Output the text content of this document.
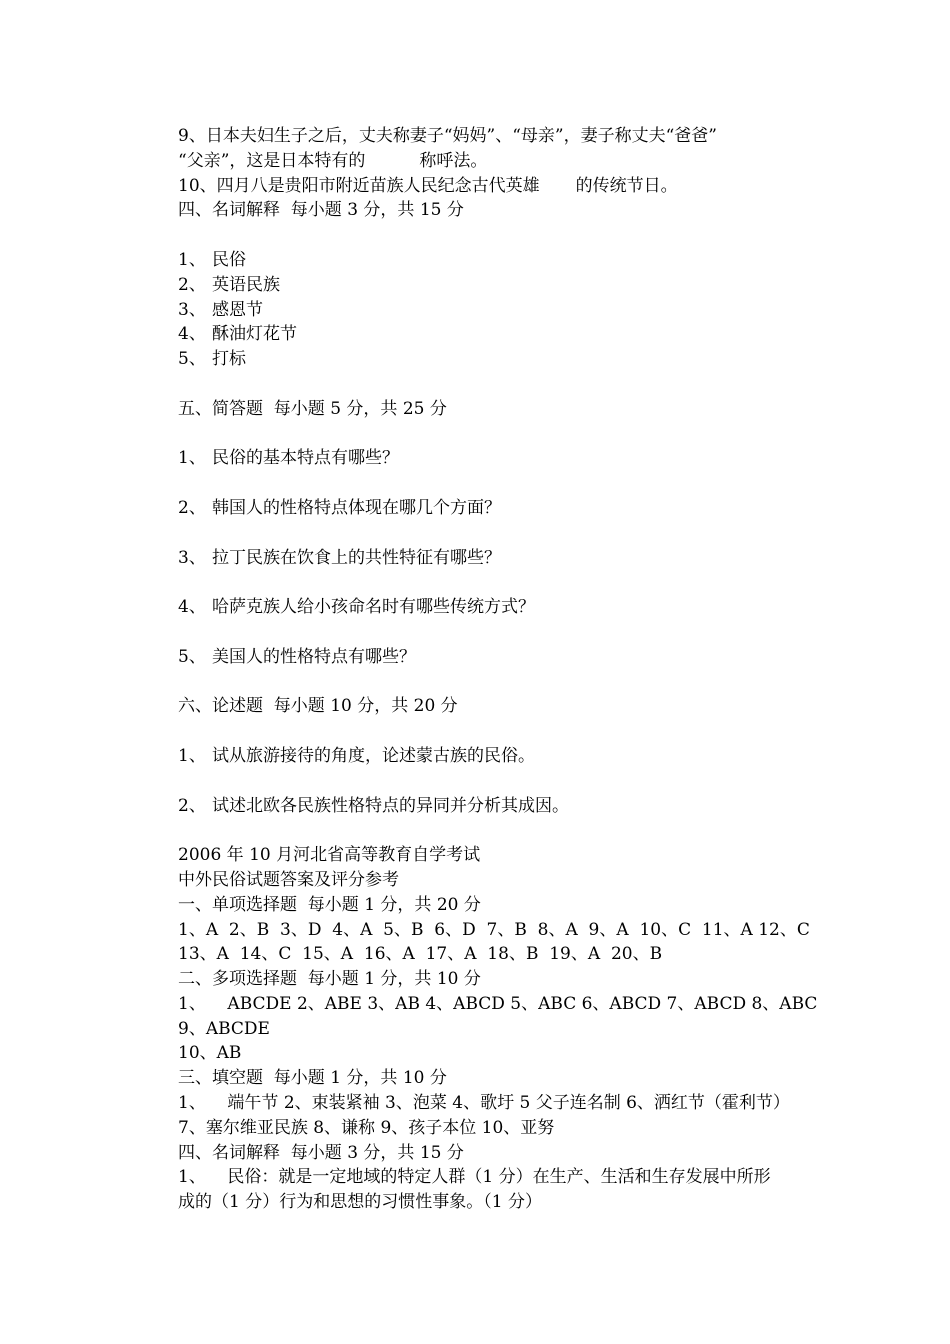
9、日本夫妇生子之后，丈夫称妻子“妈妈”、“母亲”，妻子称丈夫“爸爸”
“父亲”，这是日本特有的	称呼法。
10、四月八是贵阳市附近苗族人民纪念古代英雄 的传统节日。
四、名词解释  每小题 3 分，共 15 分
1、 民俗
2、 英语民族
3、 感恩节
4、 酥油灯花节
5、 打标
五、简答题  每小题 5 分，共 25 分
1、 民俗的基本特点有哪些？
2、 韩国人的性格特点体现在哪几个方面？
3、 拉丁民族在饮食上的共性特征有哪些？
4、 哈萨克族人给小孩命名时有哪些传统方式？
5、 美国人的性格特点有哪些？
六、论述题  每小题 10 分，共 20 分
1、 试从旅游接待的角度，论述蒙古族的民俗。
2、 试述北欧各民族性格特点的异同并分析其成因。
2006 年 10 月河北省高等教育自学考试
中外民俗试题答案及评分参考
一、单项选择题  每小题 1 分，共 20 分
1、A  2、B  3、D  4、A  5、B  6、D  7、B  8、A  9、A  10、C  11、A 12、C
13、A  14、C  15、A  16、A  17、A  18、B  19、A  20、B
二、多项选择题  每小题 1 分，共 10 分
1、    ABCDE 2、ABE 3、AB 4、ABCD 5、ABC 6、ABCD 7、ABCD 8、ABC
9、ABCDE
10、AB
三、填空题  每小题 1 分，共 10 分
1、    端午节 2、束装紧袖 3、泡菜 4、歌圩 5 父子连名制 6、洒红节（霍利节）
7、塞尔维亚民族 8、谦称 9、孩子本位 10、亚努
四、名词解释  每小题 3 分，共 15 分
1、    民俗：就是一定地域的特定人群（1 分）在生产、生活和生存发展中所形
成的（1 分）行为和思想的习惯性事象。（1 分）
